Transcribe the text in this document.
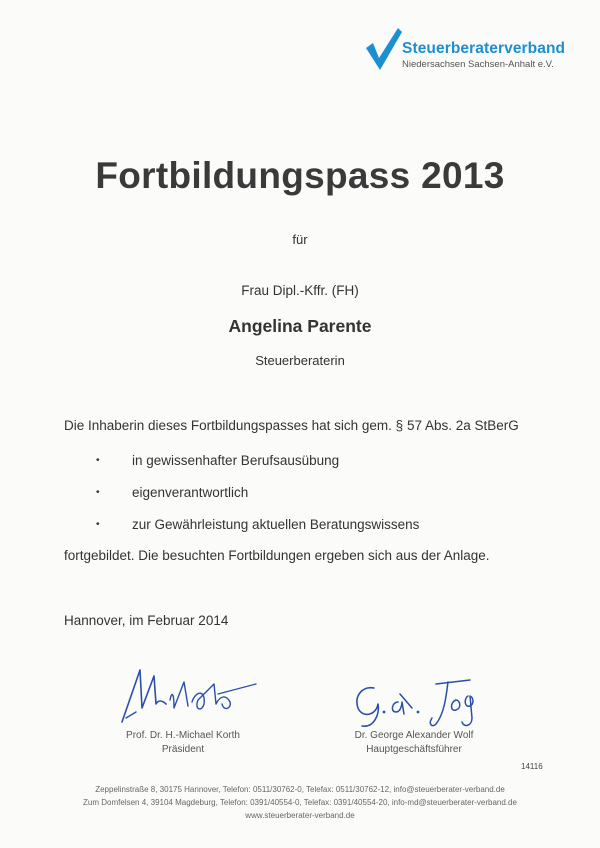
Steuerberaterverband
Niedersachsen Sachsen-Anhalt e.V.
Fortbildungspass 2013
für
Frau Dipl.-Kffr. (FH)
Angelina Parente
Steuerberaterin
Die Inhaberin dieses Fortbildungspasses hat sich gem. § 57 Abs. 2a StBerG
• in gewissenhafter Berufsausübung
• eigenverantwortlich
• zur Gewährleistung aktuellen Beratungswissens
fortgebildet. Die besuchten Fortbildungen ergeben sich aus der Anlage.
Hannover, im Februar 2014
Prof. Dr. H.-Michael Korth
Präsident
Dr. George Alexander Wolf
Hauptgeschäftsführer
14116
Zeppelinstraße 8, 30175 Hannover, Telefon: 0511/30762-0, Telefax: 0511/30762-12, info@steuerberater-verband.de
Zum Domfelsen 4, 39104 Magdeburg, Telefon: 0391/40554-0, Telefax: 0391/40554-20, info-md@steuerberater-verband.de
www.steuerberater-verband.de
